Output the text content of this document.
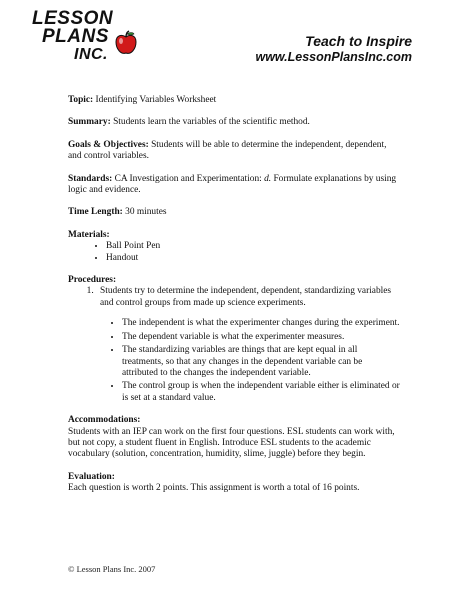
LESSON
PLANS
INC.
Teach to Inspire
www.LessonPlansInc.com
Topic: Identifying Variables Worksheet
Summary: Students learn the variables of the scientific method.
Goals & Objectives: Students will be able to determine the independent, dependent, and control variables.
Standards: CA Investigation and Experimentation: d. Formulate explanations by using logic and evidence.
Time Length: 30 minutes
Materials:
• Ball Point Pen
• Handout
Procedures:
1. Students try to determine the independent, dependent, standardizing variables and control groups from made up science experiments.
• The independent is what the experimenter changes during the experiment.
• The dependent variable is what the experimenter measures.
• The standardizing variables are things that are kept equal in all treatments, so that any changes in the dependent variable can be attributed to the changes the independent variable.
• The control group is when the independent variable either is eliminated or is set at a standard value.
Accommodations:
Students with an IEP can work on the first four questions. ESL students can work with, but not copy, a student fluent in English. Introduce ESL students to the academic vocabulary (solution, concentration, humidity, slime, juggle) before they begin.
Evaluation:
Each question is worth 2 points. This assignment is worth a total of 16 points.
© Lesson Plans Inc. 2007
